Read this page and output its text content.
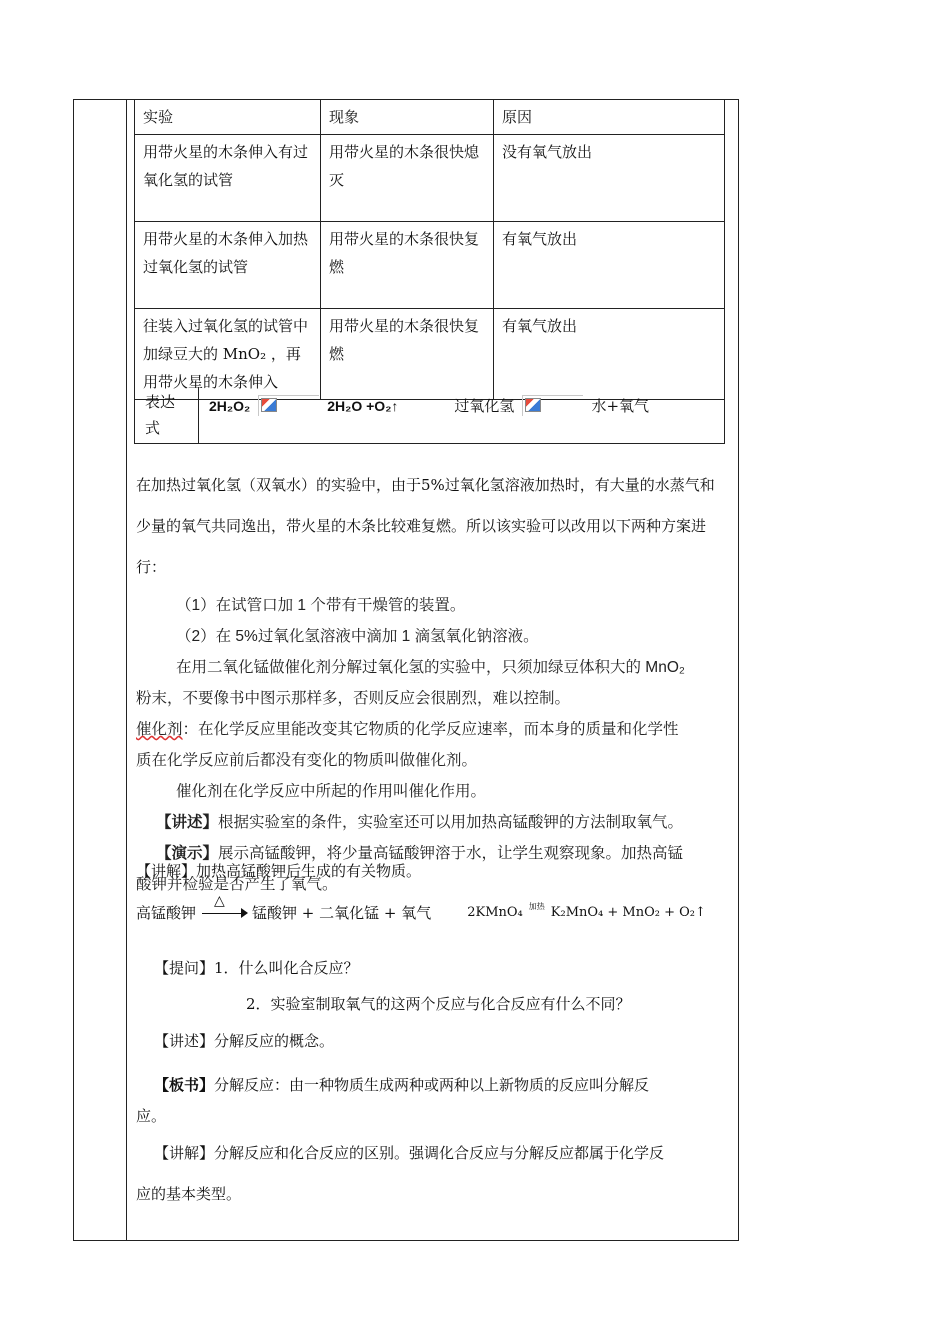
实验	现象	原因
用带火星的木条伸入有过氧化氢的试管	用带火星的木条很快熄灭	没有氧气放出
用带火星的木条伸入加热过氧化氢的试管	用带火星的木条很快复燃	有氧气放出
往装入过氧化氢的试管中加绿豆大的 MnO₂ ，再用带火星的木条伸入	用带火星的木条很快复燃	有氧气放出
表达式
2H₂O₂	2H₂O +O₂↑	过氧化氢	水+氧气
在加热过氧化氢（双氧水）的实验中，由于5%过氧化氢溶液加热时，有大量的水蒸气和少量的氧气共同逸出，带火星的木条比较难复燃。所以该实验可以改用以下两种方案进行：
（1）在试管口加 1 个带有干燥管的装置。
（2）在 5%过氧化氢溶液中滴加 1 滴氢氧化钠溶液。
在用二氧化锰做催化剂分解过氧化氢的实验中，只须加绿豆体积大的 MnO₂
粉末，不要像书中图示那样多，否则反应会很剧烈，难以控制。
催化剂：在化学反应里能改变其它物质的化学反应速率，而本身的质量和化学性
质在化学反应前后都没有变化的物质叫做催化剂。
催化剂在化学反应中所起的作用叫催化作用。
【讲述】根据实验室的条件，实验室还可以用加热高锰酸钾的方法制取氧气。
【演示】展示高锰酸钾，将少量高锰酸钾溶于水，让学生观察现象。加热高锰
酸钾并检验是否产生了氧气。
【讲解】加热高锰酸钾后生成的有关物质。
高锰酸钾
△
锰酸钾 + 二氧化锰 + 氧气	2KMnO₄ 加热 K₂MnO₄ + MnO₂ + O₂↑
【提问】1．什么叫化合反应？
2．实验室制取氧气的这两个反应与化合反应有什么不同？
【讲述】分解反应的概念。
【板书】分解反应：由一种物质生成两种或两种以上新物质的反应叫分解反
应。
【讲解】分解反应和化合反应的区别。强调化合反应与分解反应都属于化学反
应的基本类型。
